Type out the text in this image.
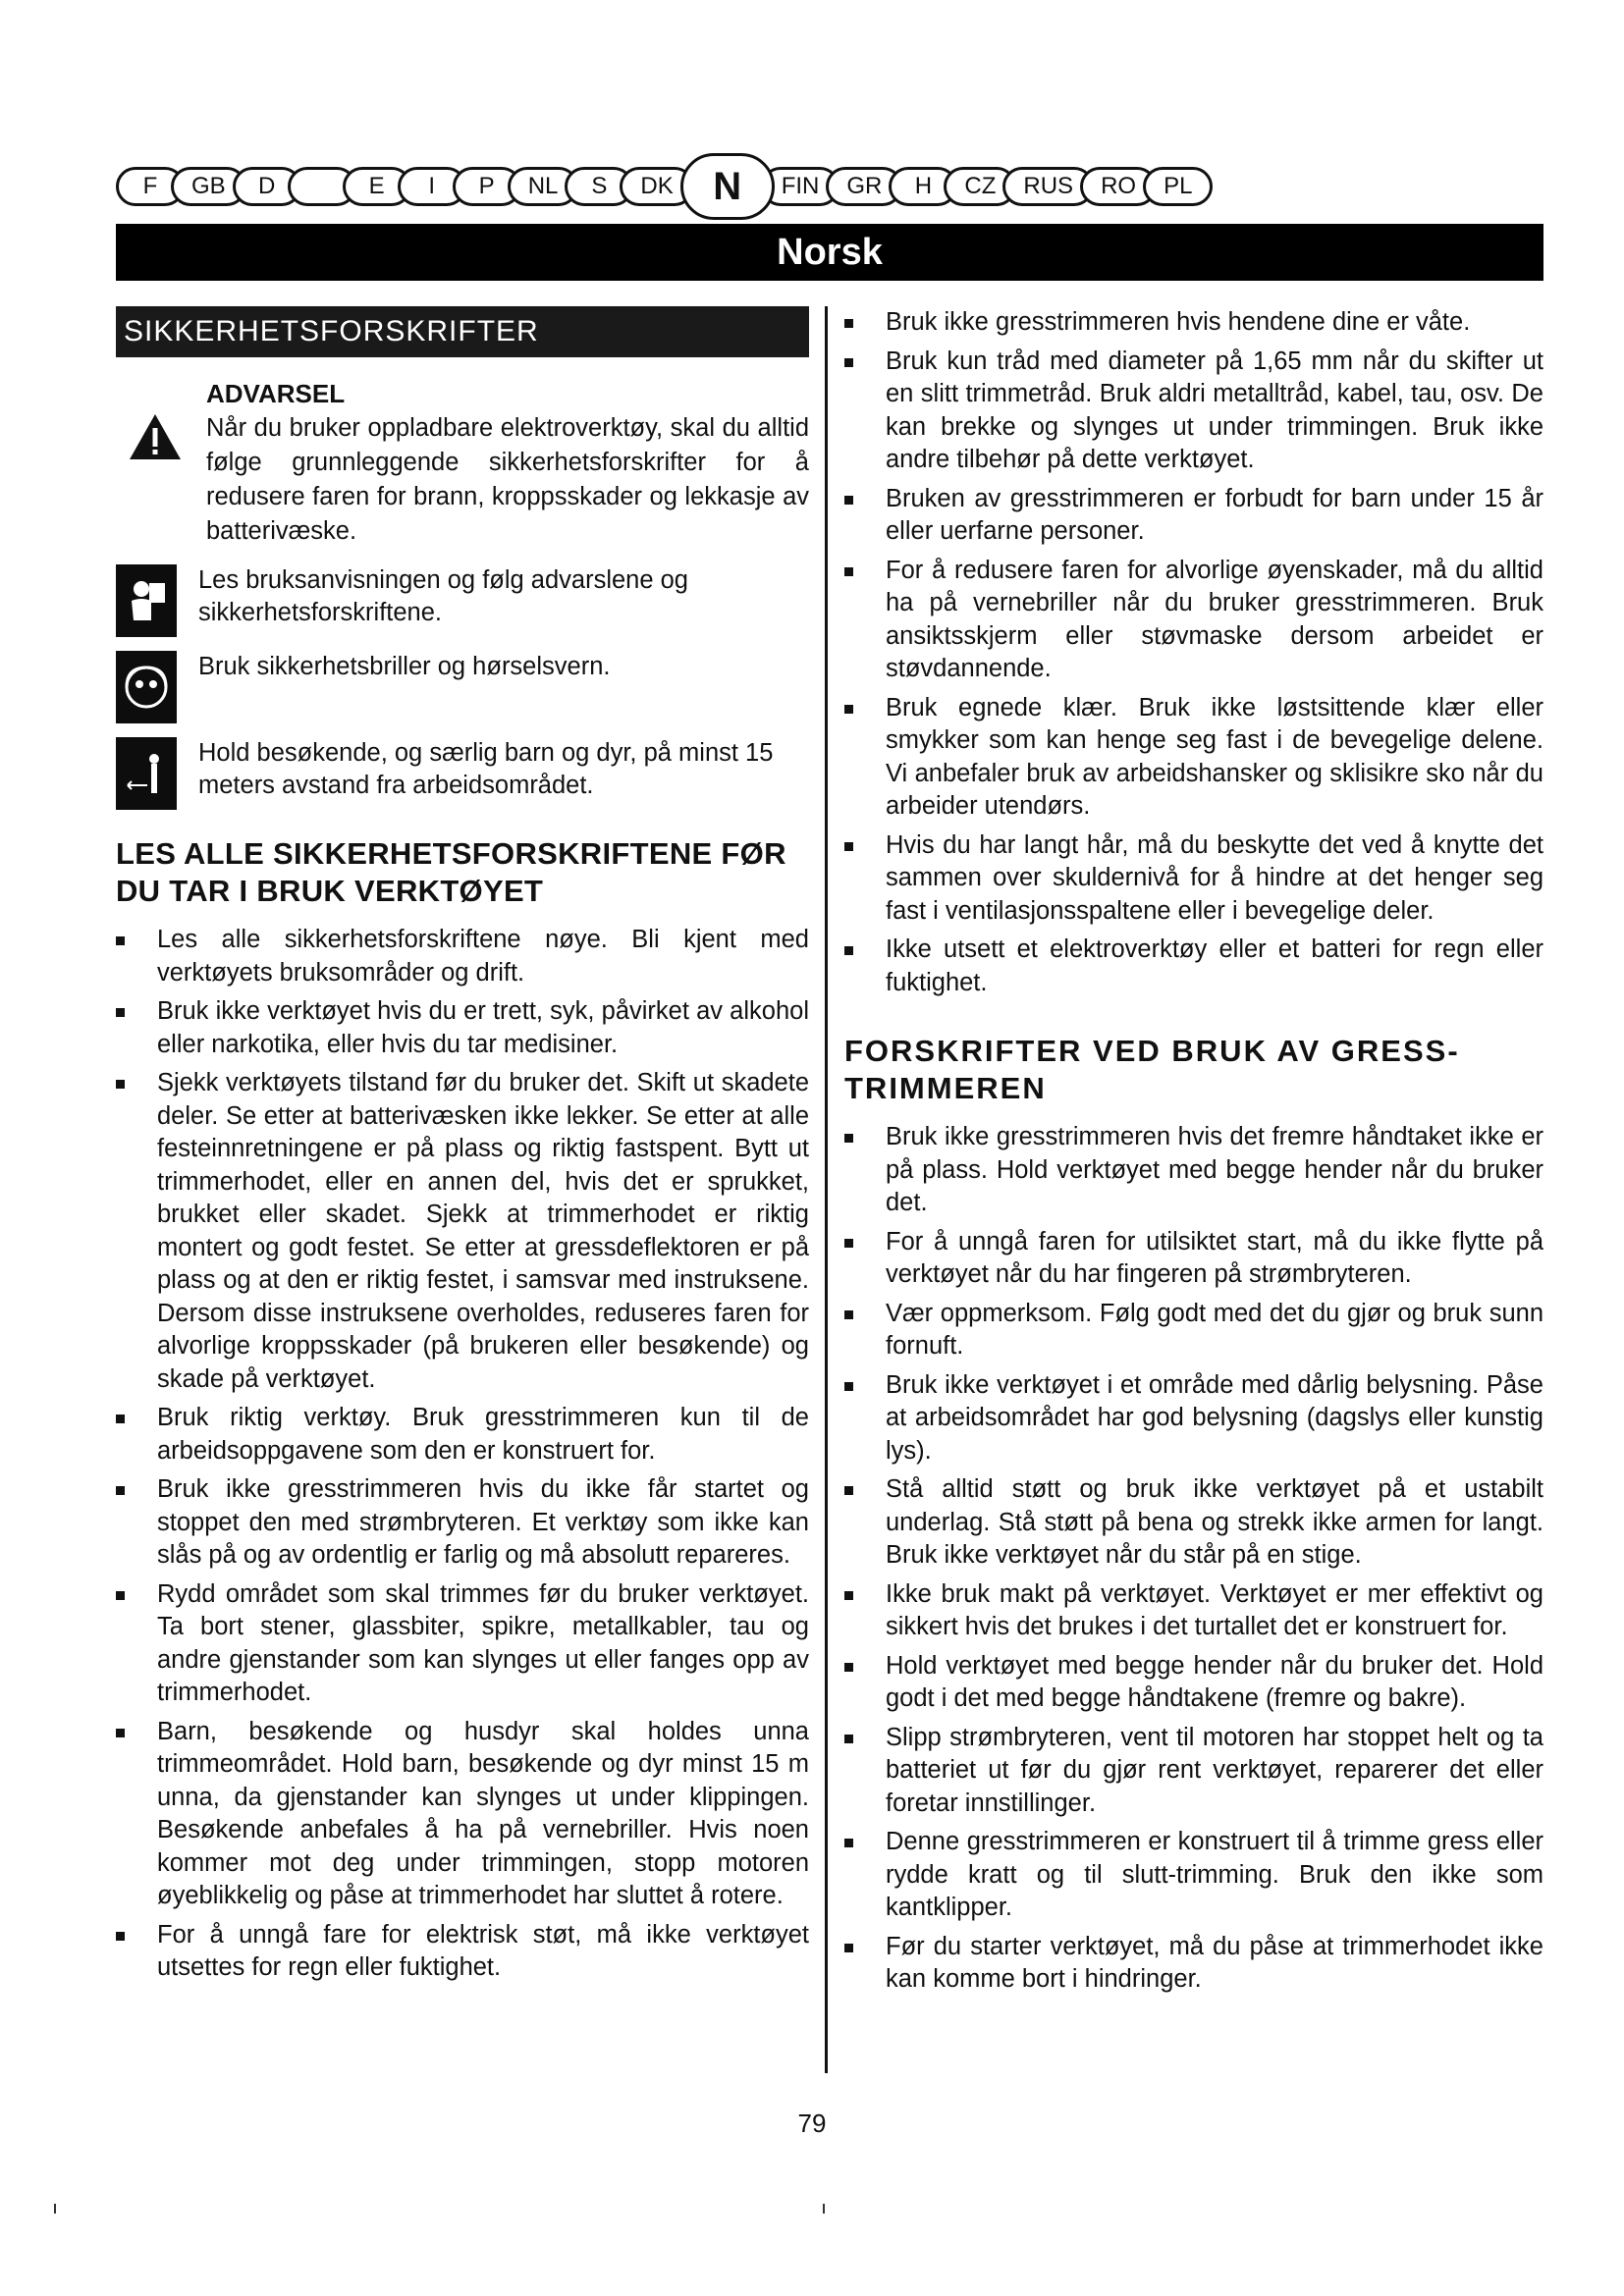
F	GB	D	E	I	P	NL	S	DK	N	FIN	GR	H	CZ	RUS	RO	PL
Norsk
SIKKERHETSFORSKRIFTER
ADVARSEL
Når du bruker oppladbare elektroverktøy, skal du alltid følge grunnleggende sikkerhetsforskrifter for å redusere faren for brann, kroppsskader og lekkasje av batterivæske.
Les bruksanvisningen og følg advarslene og sikkerhetsforskriftene.
Bruk sikkerhetsbriller og hørselsvern.
Hold besøkende, og særlig barn og dyr, på minst 15 meters avstand fra arbeidsområdet.
LES ALLE SIKKERHETSFORSKRIFTENE FØR DU TAR I BRUK VERKTØYET
Les alle sikkerhetsforskriftene nøye. Bli kjent med verktøyets bruksområder og drift.
Bruk ikke verktøyet hvis du er trett, syk, påvirket av alkohol eller narkotika, eller hvis du tar medisiner.
Sjekk verktøyets tilstand før du bruker det. Skift ut skadete deler. Se etter at batterivæsken ikke lekker. Se etter at alle festeinnretningene er på plass og riktig fastspent. Bytt ut trimmerhodet, eller en annen del, hvis det er sprukket, brukket eller skadet. Sjekk at trimmerhodet er riktig montert og godt festet. Se etter at gressdeflektoren er på plass og at den er riktig festet, i samsvar med instruksene. Dersom disse instruksene overholdes, reduseres faren for alvorlige kroppsskader (på brukeren eller besøkende) og skade på verktøyet.
Bruk riktig verktøy. Bruk gresstrimmeren kun til de arbeidsoppgavene som den er konstruert for.
Bruk ikke gresstrimmeren hvis du ikke får startet og stoppet den med strømbryteren. Et verktøy som ikke kan slås på og av ordentlig er farlig og må absolutt repareres.
Rydd området som skal trimmes før du bruker verktøyet. Ta bort stener, glassbiter, spikre, metallkabler, tau og andre gjenstander som kan slynges ut eller fanges opp av trimmerhodet.
Barn, besøkende og husdyr skal holdes unna trimmeområdet. Hold barn, besøkende og dyr minst 15 m unna, da gjenstander kan slynges ut under klippingen. Besøkende anbefales å ha på vernebriller. Hvis noen kommer mot deg under trimmingen, stopp motoren øyeblikkelig og påse at trimmerhodet har sluttet å rotere.
For å unngå fare for elektrisk støt, må ikke verktøyet utsettes for regn eller fuktighet.
Bruk ikke gresstrimmeren hvis hendene dine er våte.
Bruk kun tråd med diameter på 1,65 mm når du skifter ut en slitt trimmetråd. Bruk aldri metalltråd, kabel, tau, osv. De kan brekke og slynges ut under trimmingen. Bruk ikke andre tilbehør på dette verktøyet.
Bruken av gresstrimmeren er forbudt for barn under 15 år eller uerfarne personer.
For å redusere faren for alvorlige øyenskader, må du alltid ha på vernebriller når du bruker gresstrimmeren. Bruk ansiktsskjerm eller støvmaske dersom arbeidet er støvdannende.
Bruk egnede klær. Bruk ikke løstsittende klær eller smykker som kan henge seg fast i de bevegelige delene. Vi anbefaler bruk av arbeidshansker og sklisikre sko når du arbeider utendørs.
Hvis du har langt hår, må du beskytte det ved å knytte det sammen over skuldernivå for å hindre at det henger seg fast i ventilasjonsspaltene eller i bevegelige deler.
Ikke utsett et elektroverktøy eller et batteri for regn eller fuktighet.
FORSKRIFTER VED BRUK AV GRESS-TRIMMEREN
Bruk ikke gresstrimmeren hvis det fremre håndtaket ikke er på plass. Hold verktøyet med begge hender når du bruker det.
For å unngå faren for utilsiktet start, må du ikke flytte på verktøyet når du har fingeren på strømbryteren.
Vær oppmerksom. Følg godt med det du gjør og bruk sunn fornuft.
Bruk ikke verktøyet i et område med dårlig belysning. Påse at arbeidsområdet har god belysning (dagslys eller kunstig lys).
Stå alltid støtt og bruk ikke verktøyet på et ustabilt underlag. Stå støtt på bena og strekk ikke armen for langt. Bruk ikke verktøyet når du står på en stige.
Ikke bruk makt på verktøyet. Verktøyet er mer effektivt og sikkert hvis det brukes i det turtallet det er konstruert for.
Hold verktøyet med begge hender når du bruker det. Hold godt i det med begge håndtakene (fremre og bakre).
Slipp strømbryteren, vent til motoren har stoppet helt og ta batteriet ut før du gjør rent verktøyet, reparerer det eller foretar innstillinger.
Denne gresstrimmeren er konstruert til å trimme gress eller rydde kratt og til slutt-trimming. Bruk den ikke som kantklipper.
Før du starter verktøyet, må du påse at trimmerhodet ikke kan komme bort i hindringer.
79
